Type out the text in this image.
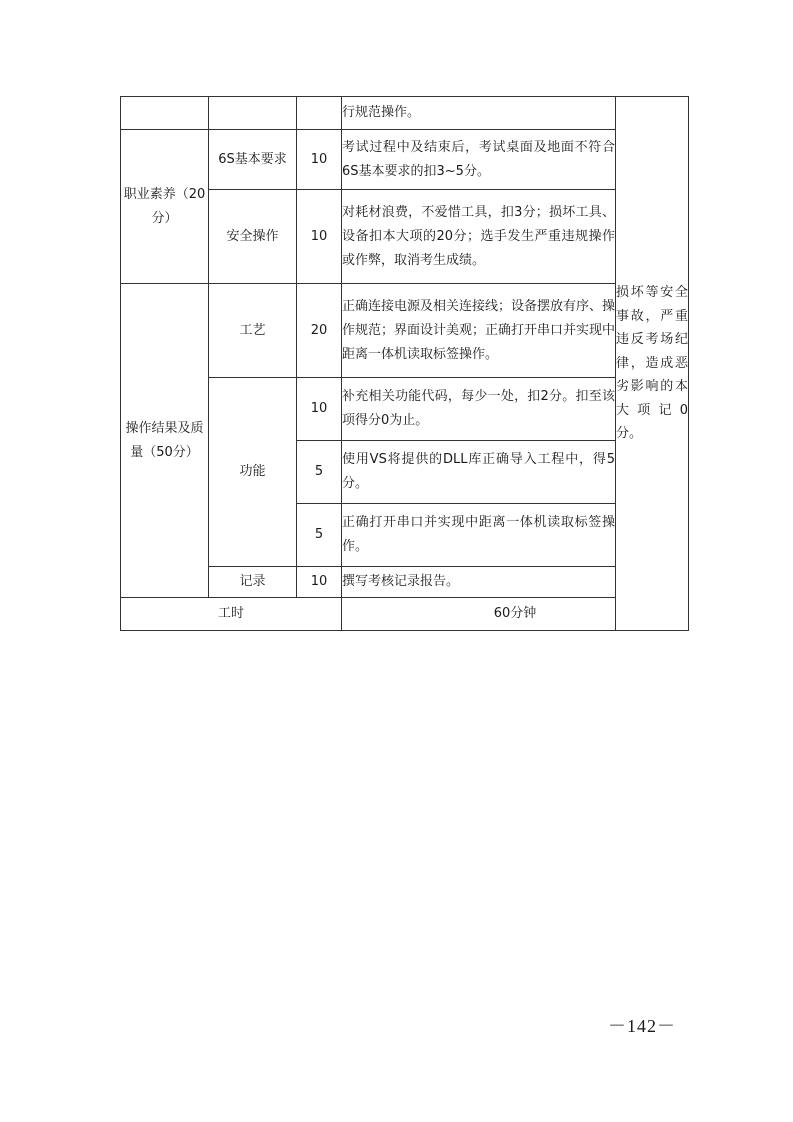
			行规范操作。	损坏等安全事故，严重违反考场纪律，造成恶劣影响的本大项记0分。
职业素养（20分）	6S基本要求	10	考试过程中及结束后，考试桌面及地面不符合6S基本要求的扣3~5分。	
	安全操作	10	对耗材浪费，不爱惜工具，扣3分；损坏工具、设备扣本大项的20分；选手发生严重违规操作或作弊，取消考生成绩。	
操作结果及质量（50分）	工艺	20	正确连接电源及相关连接线；设备摆放有序、操作规范；界面设计美观；正确打开串口并实现中距离一体机读取标签操作。	
	功能	10	补充相关功能代码，每少一处，扣2分。扣至该项得分0为止。	
		5	使用VS将提供的DLL库正确导入工程中，得5分。	
		5	正确打开串口并实现中距离一体机读取标签操作。	
	记录	10	撰写考核记录报告。	
工时			60分钟	
－142－
